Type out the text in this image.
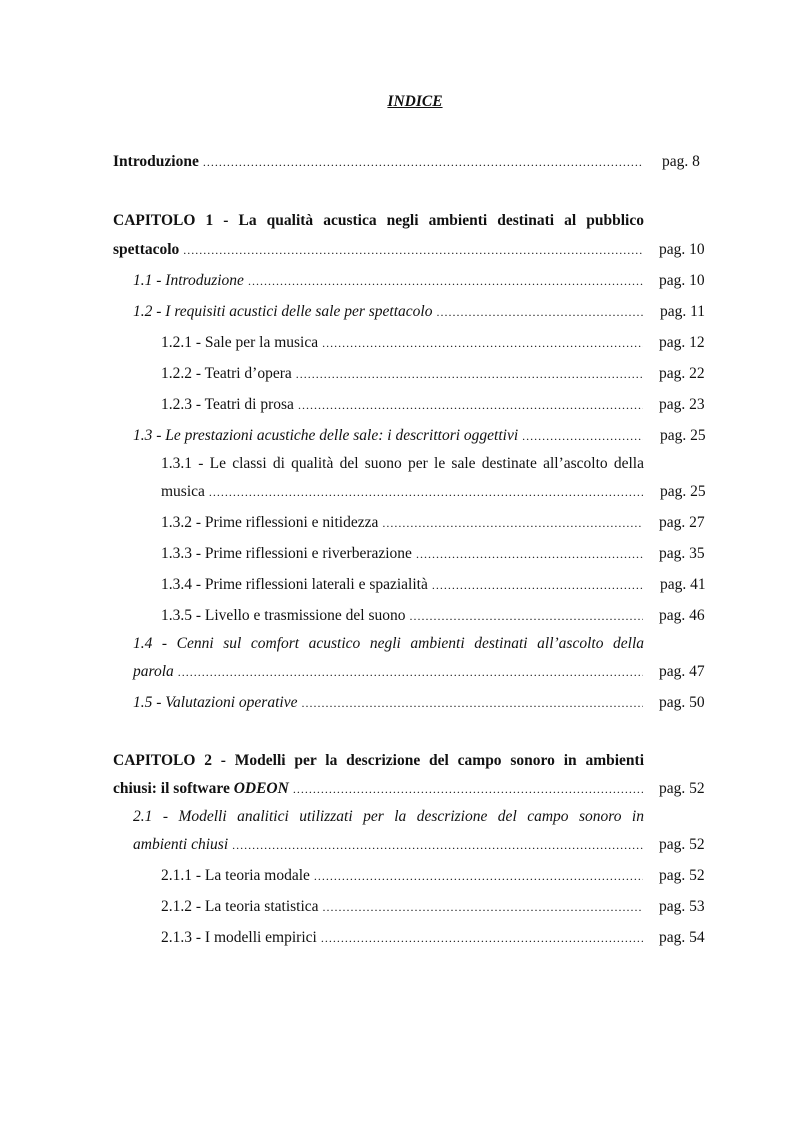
INDICE
Introduzione .....	pag. 8
CAPITOLO 1 - La qualità acustica negli ambienti destinati al pubblico
spettacolo .....	pag. 10
1.1 - Introduzione .....	pag. 10
1.2 - I requisiti acustici delle sale per spettacolo .....	pag. 11
1.2.1 - Sale per la musica .....	pag. 12
1.2.2 - Teatri d’opera .....	pag. 22
1.2.3 - Teatri di prosa .....	pag. 23
1.3 - Le prestazioni acustiche delle sale: i descrittori oggettivi .....	pag. 25
1.3.1 - Le classi di qualità del suono per le sale destinate all’ascolto della
musica .....	pag. 25
1.3.2 - Prime riflessioni e nitidezza .....	pag. 27
1.3.3 - Prime riflessioni e riverberazione .....	pag. 35
1.3.4 - Prime riflessioni laterali e spazialità .....	pag. 41
1.3.5 - Livello e trasmissione del suono .....	pag. 46
1.4 - Cenni sul comfort acustico negli ambienti destinati all’ascolto della
parola .....	pag. 47
1.5 - Valutazioni operative .....	pag. 50
CAPITOLO 2 - Modelli per la descrizione del campo sonoro in ambienti
chiusi: il software
ODEON .....	pag. 52
2.1 - Modelli analitici utilizzati per la descrizione del campo sonoro in
ambienti chiusi .....	pag. 52
2.1.1 - La teoria modale .....	pag. 52
2.1.2 - La teoria statistica .....	pag. 53
2.1.3 - I modelli empirici .....	pag. 54
